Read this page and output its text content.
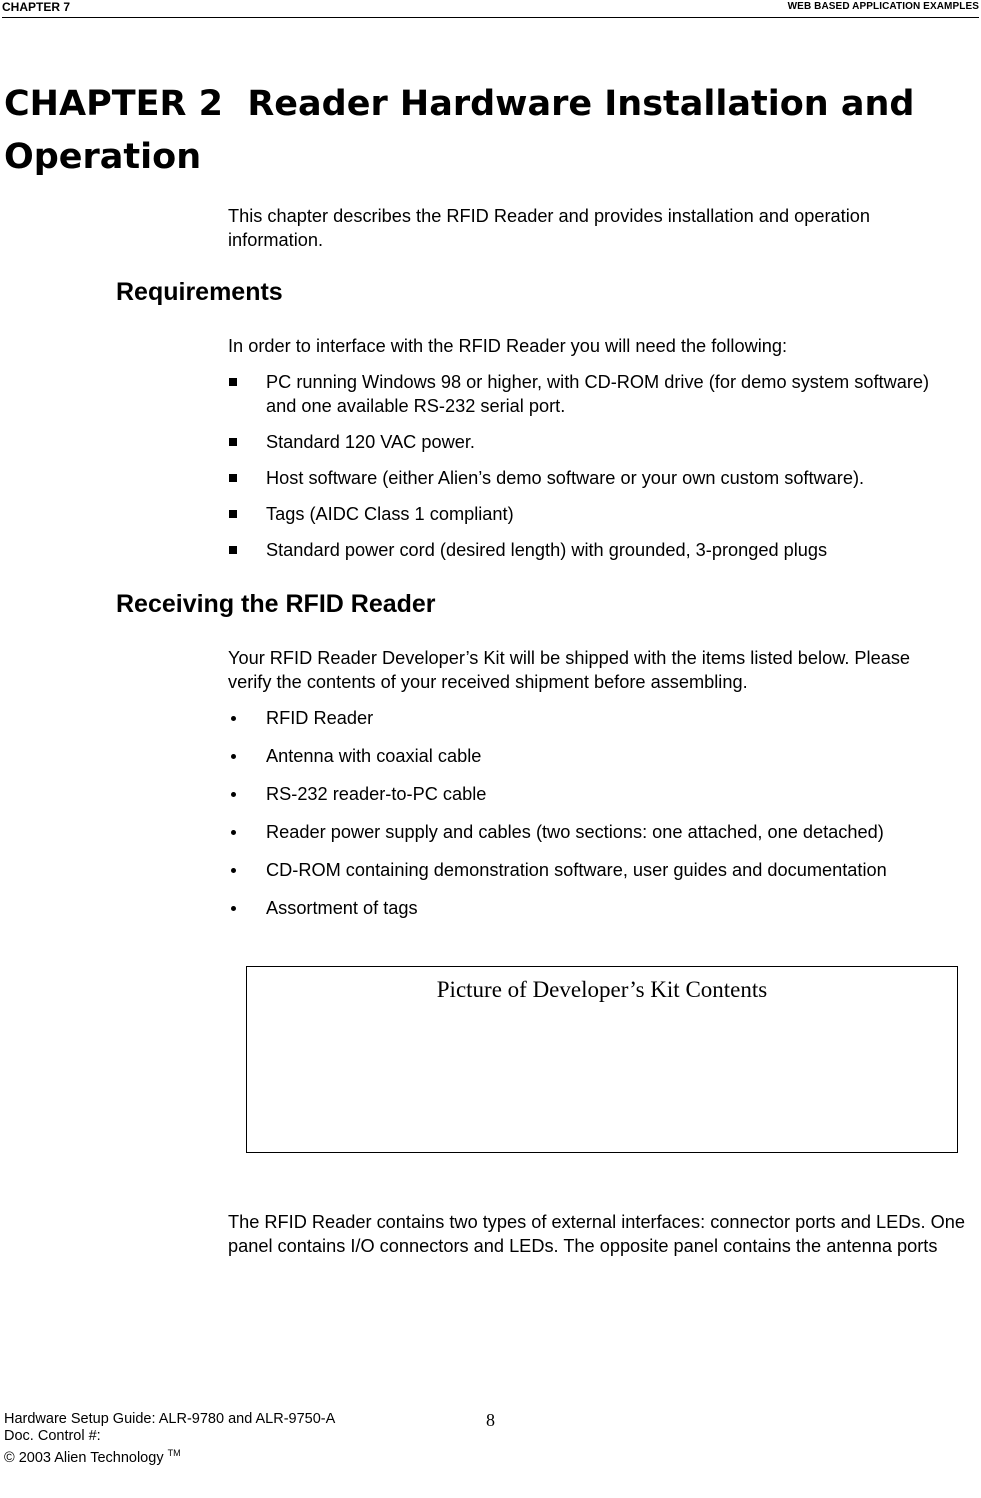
CHAPTER 7	WEB BASED APPLICATION EXAMPLES
CHAPTER 2  Reader Hardware Installation and
Operation

This chapter describes the RFID Reader and provides installation and operation information.

Requirements

In order to interface with the RFID Reader you will need the following:

PC running Windows 98 or higher, with CD-ROM drive (for demo system software) and one available RS-232 serial port.
Standard 120 VAC power.
Host software (either Alien’s demo software or your own custom software).
Tags (AIDC Class 1 compliant)
Standard power cord (desired length) with grounded, 3-pronged plugs
Receiving the RFID Reader

Your RFID Reader Developer’s Kit will be shipped with the items listed below. Please verify the contents of your received shipment before assembling.

RFID Reader
Antenna with coaxial cable
RS-232 reader-to-PC cable
Reader power supply and cables (two sections: one attached, one detached)
CD-ROM containing demonstration software, user guides and documentation
Assortment of tags
Picture of Developer’s Kit Contents

The RFID Reader contains two types of external interfaces: connector ports and LEDs. One panel contains I/O connectors and LEDs. The opposite panel contains the antenna ports

Hardware Setup Guide: ALR-9780 and ALR-9750-A
Doc. Control #:
© 2003 Alien Technology ™
8
